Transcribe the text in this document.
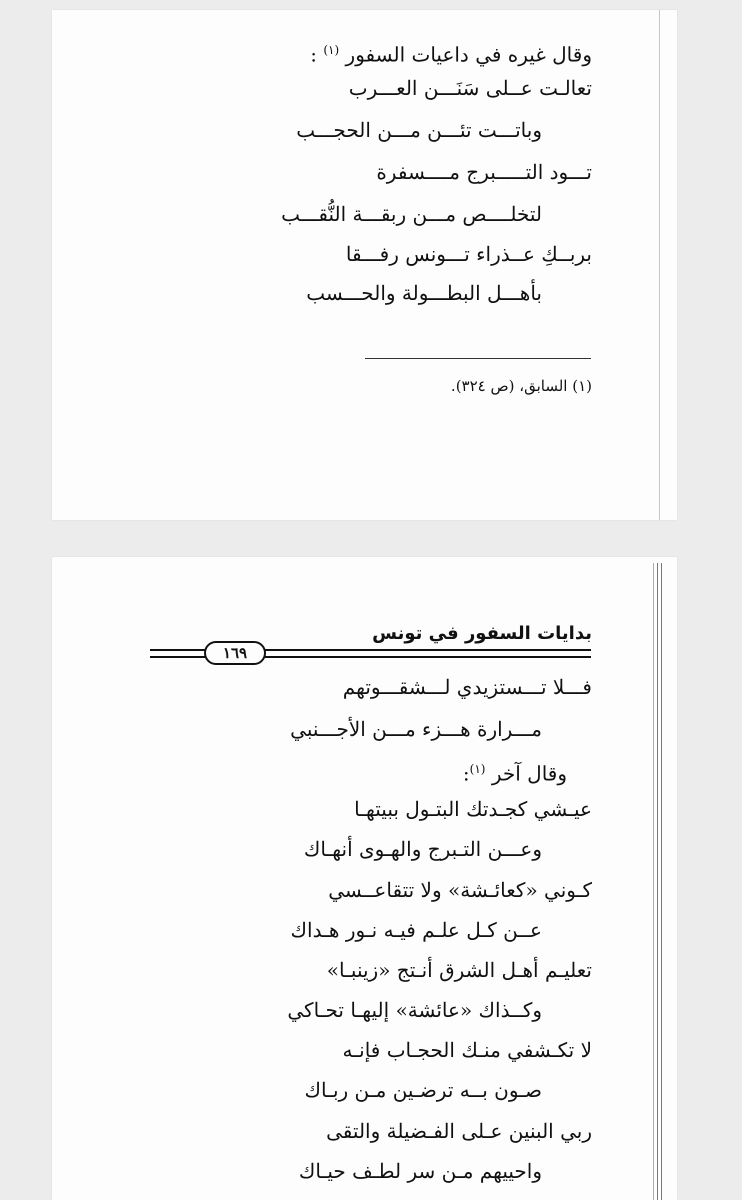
وقال غيره في داعيات السفور $^{(١)}$ :
تعالـت عــلى سَنَـــن العـــرب
وباتـــت تئـــن مـــن الحجـــب
تـــود التـــــبرج مــــسفرة
لتخلــــص مـــن ربقـــة النُّقـــب
بربــكِ عــذراء تـــونس رفـــقا
بأهـــل البطـــولة والحـــسب
(١) السابق، (ص ٣٢٤).
بدايات السفور في تونس
١٦٩
فـــلا تـــستزيدي لـــشقـــوتهم
مـــرارة هـــزء مـــن الأجـــنبي
وقال آخر $^{(١)}$:
عيـشي كجـدتك البتـول ببيتهـا
وعـــن التـبرج والهـوى أنهـاك
كـوني «كعائـشة» ولا تتقاعــسي
عــن كـل علـم فيـه نـور هـداك
تعليـم أهـل الشرق أنـتج «زينبـا»
وكــذاك «عائشة» إليهـا تحـاكي
لا تكـشفي منـك الحجـاب فإنـه
صـون بــه ترضـين مـن ربـاك
ربي البنين عـلى الفـضيلة والتقى
واحييهم مـن سر لطـف حيـاك
